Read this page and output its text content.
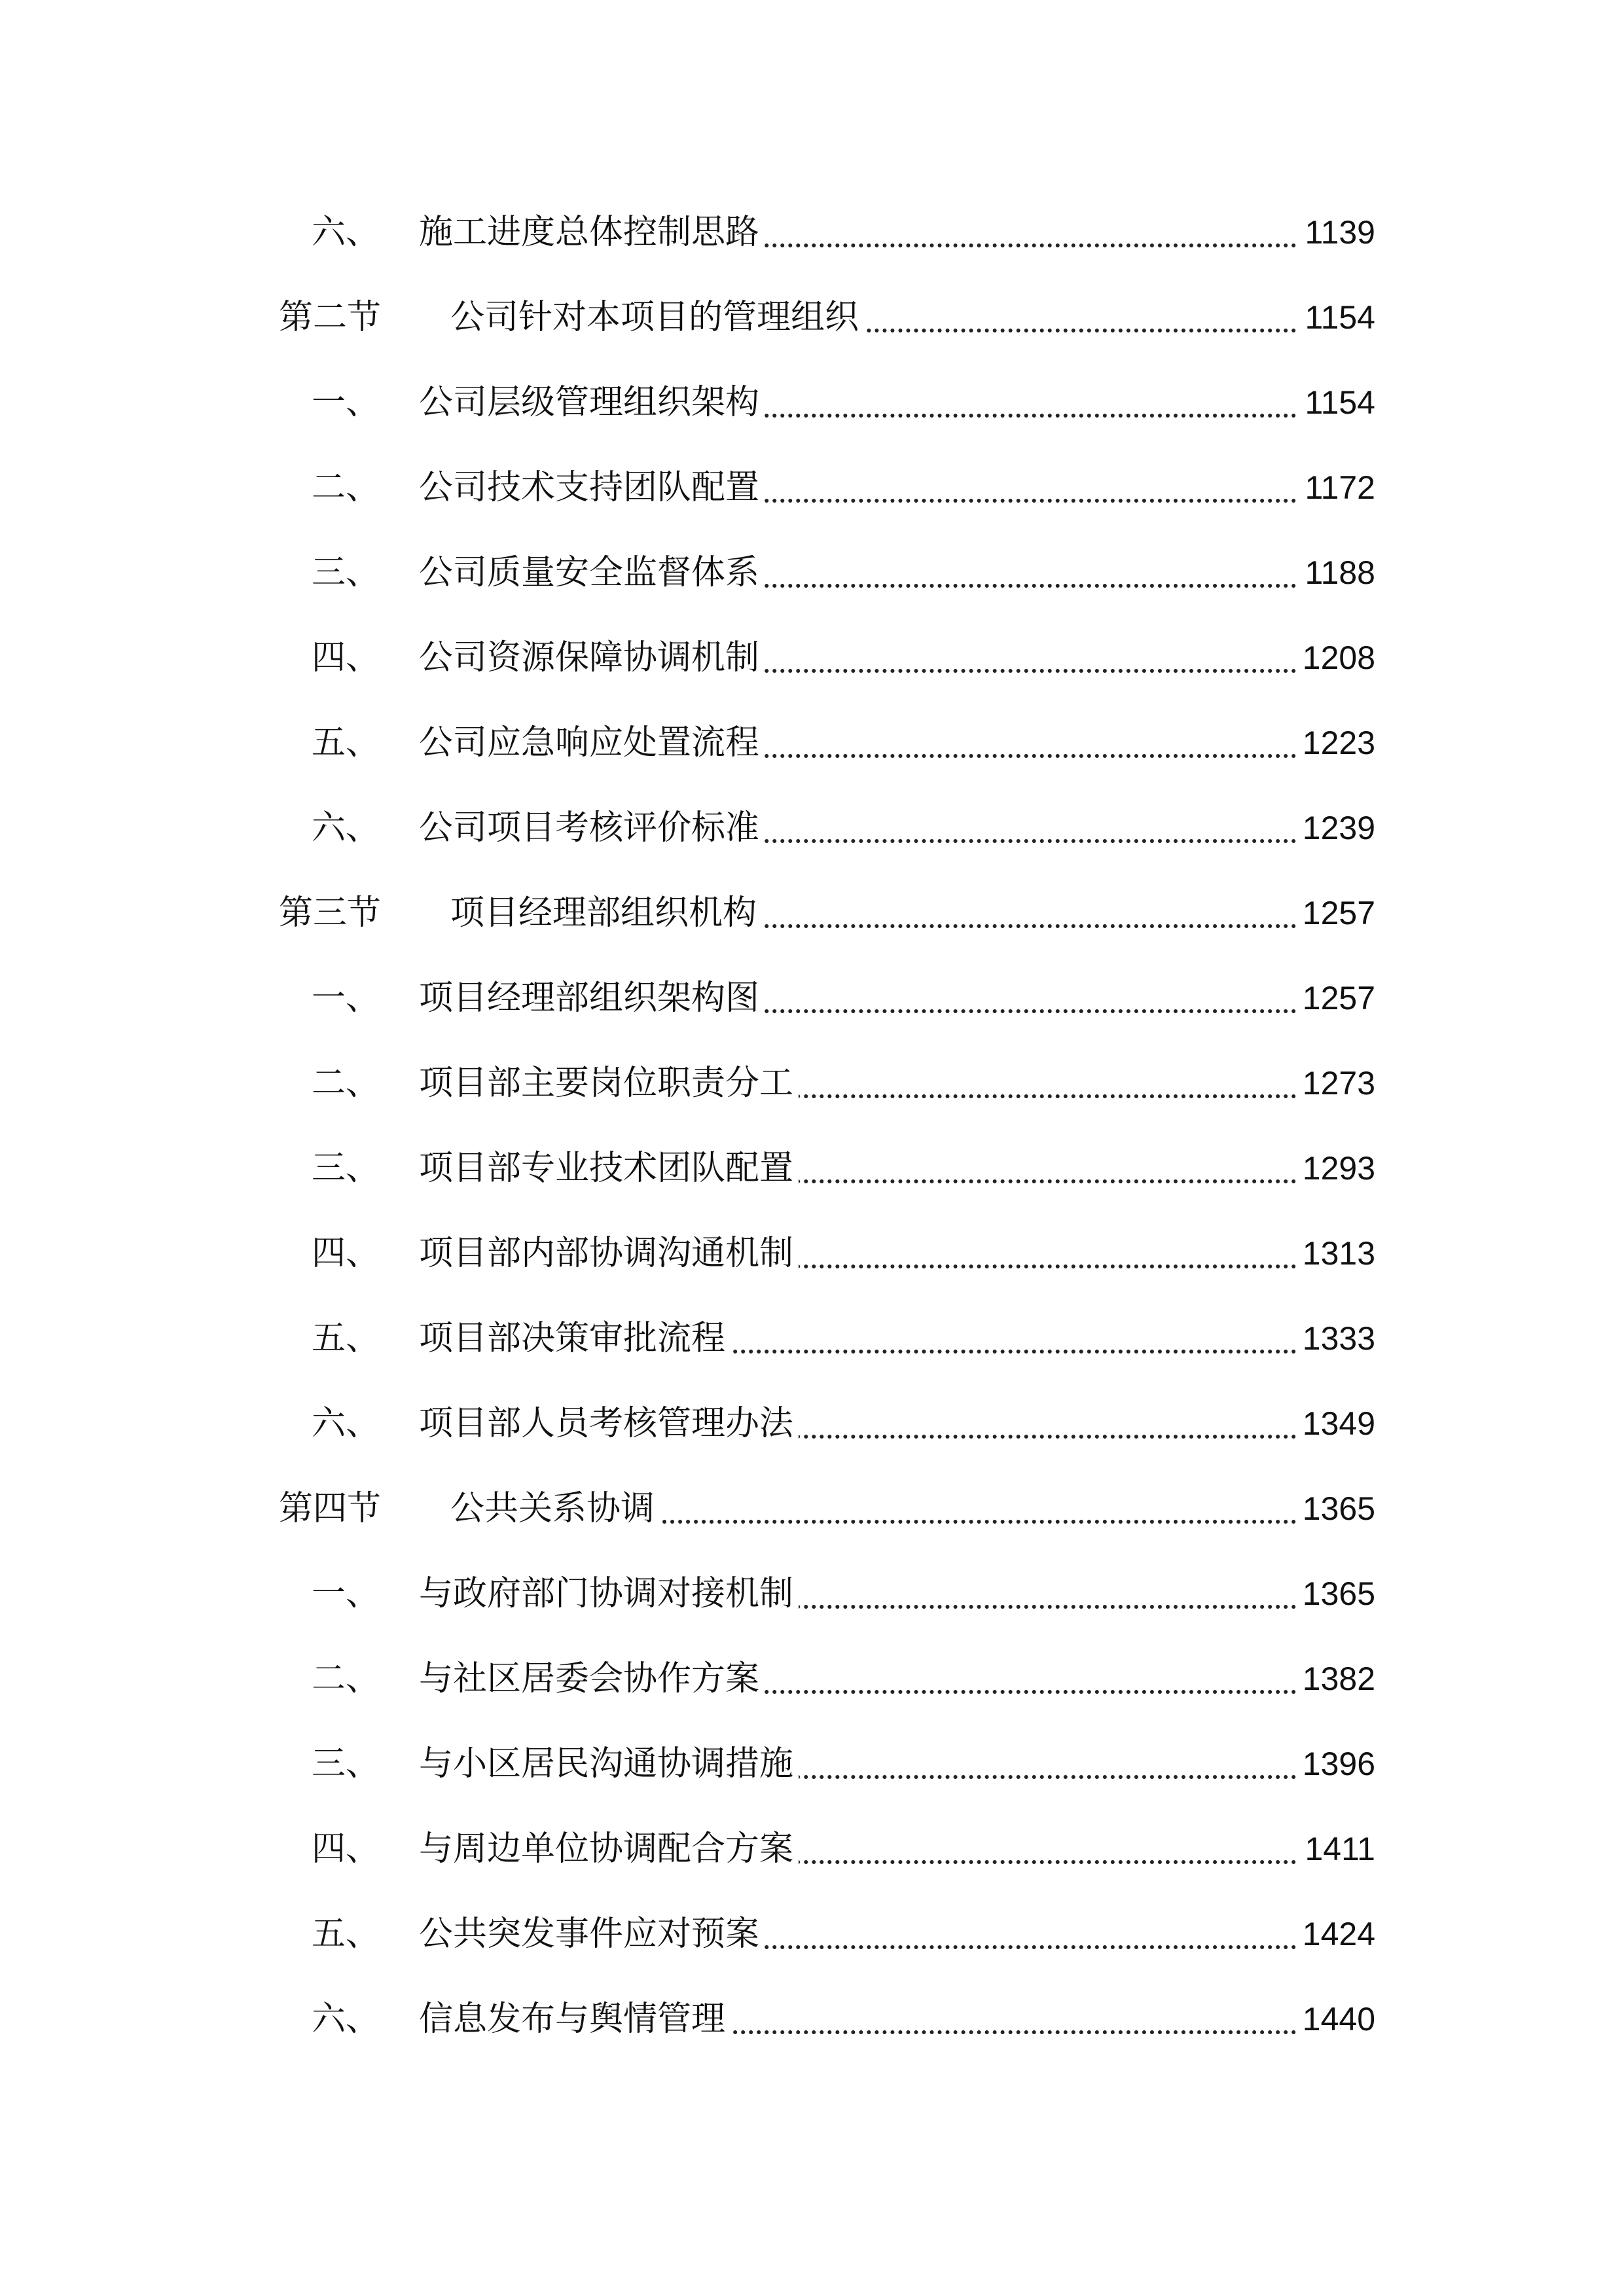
六、 施工进度总体控制思路	1139
第二节 公司针对本项目的管理组织	1154
一、 公司层级管理组织架构	1154
二、 公司技术支持团队配置	1172
三、 公司质量安全监督体系	1188
四、 公司资源保障协调机制	1208
五、 公司应急响应处置流程	1223
六、 公司项目考核评价标准	1239
第三节 项目经理部组织机构	1257
一、 项目经理部组织架构图	1257
二、 项目部主要岗位职责分工	1273
三、 项目部专业技术团队配置	1293
四、 项目部内部协调沟通机制	1313
五、 项目部决策审批流程	1333
六、 项目部人员考核管理办法	1349
第四节 公共关系协调	1365
一、 与政府部门协调对接机制	1365
二、 与社区居委会协作方案	1382
三、 与小区居民沟通协调措施	1396
四、 与周边单位协调配合方案	1411
五、 公共突发事件应对预案	1424
六、 信息发布与舆情管理	1440
